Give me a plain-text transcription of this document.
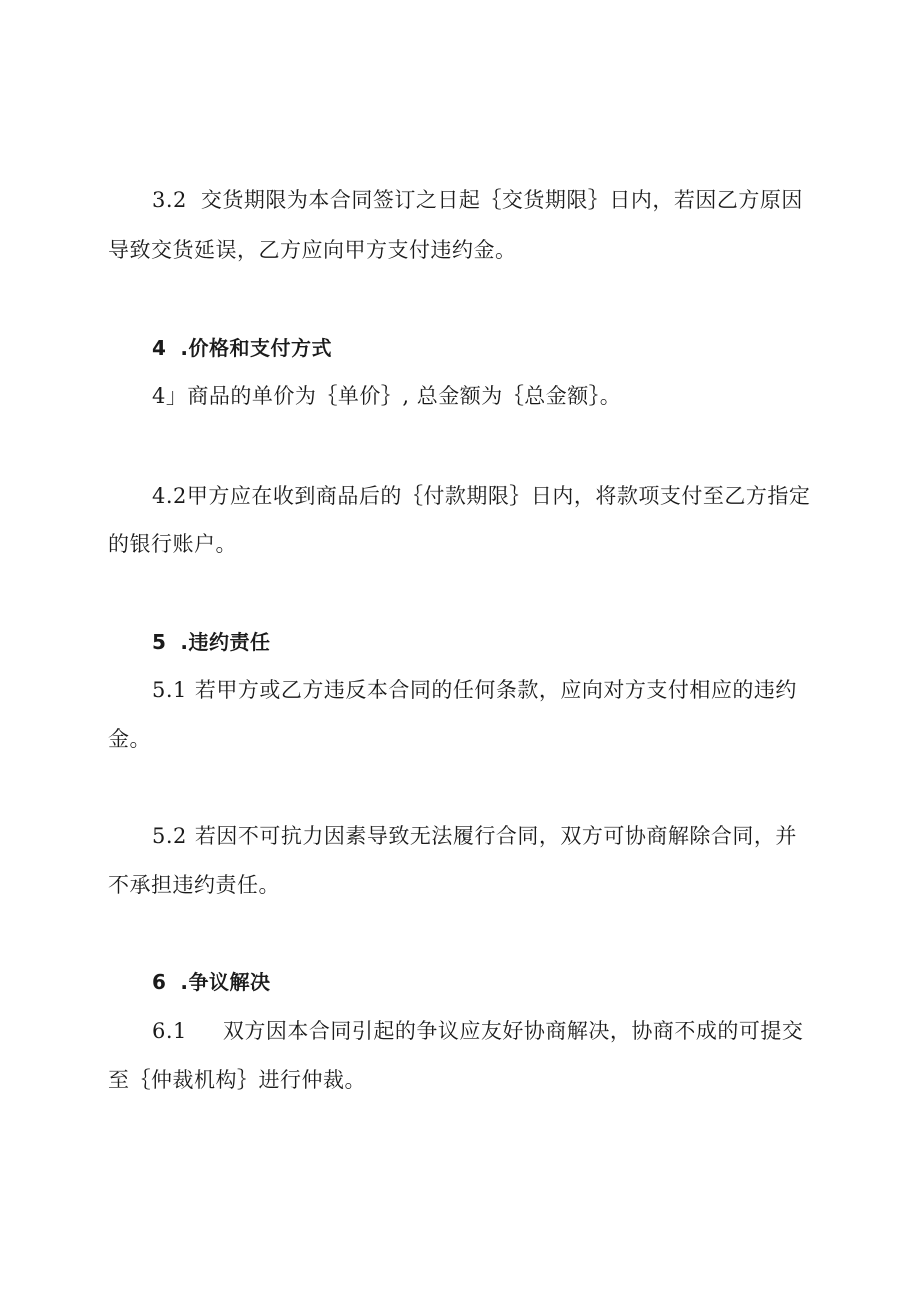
3.2 交货期限为本合同签订之日起｛交货期限｝日内，若因乙方原因
导致交货延误，乙方应向甲方支付违约金。
4 .价格和支付方式
4」商品的单价为｛单价｝, 总金额为｛总金额｝。
4.2甲方应在收到商品后的｛付款期限｝日内，将款项支付至乙方指定
的银行账户。
5 .违约责任
5.1 若甲方或乙方违反本合同的任何条款，应向对方支付相应的违约
金。
5.2 若因不可抗力因素导致无法履行合同，双方可协商解除合同，并
不承担违约责任。
6 .争议解决
6.1 双方因本合同引起的争议应友好协商解决，协商不成的可提交
至｛仲裁机构｝进行仲裁。
